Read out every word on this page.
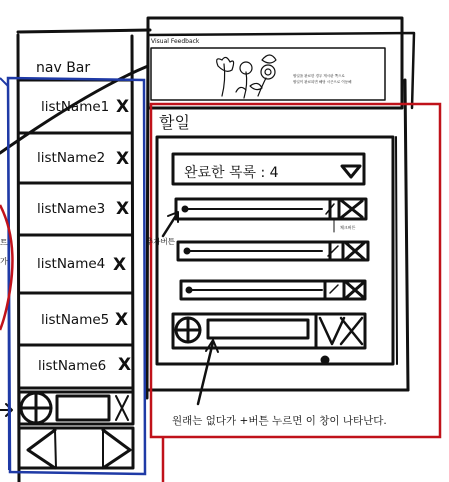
nav Bar
listName1 X
listName2 X
listName3 X
listName4 X
listName5 X
listName6 X
트
가
Visual Feedback
할일을 완료한 경우 게시판 쪽으로
할일이 완료되면 해당 시즌으로 이동해
할일
완료한 목록 : 4
추가버튼
체크버튼
원래는 없다가 +버튼 누르면 이 창이 나타난다.
